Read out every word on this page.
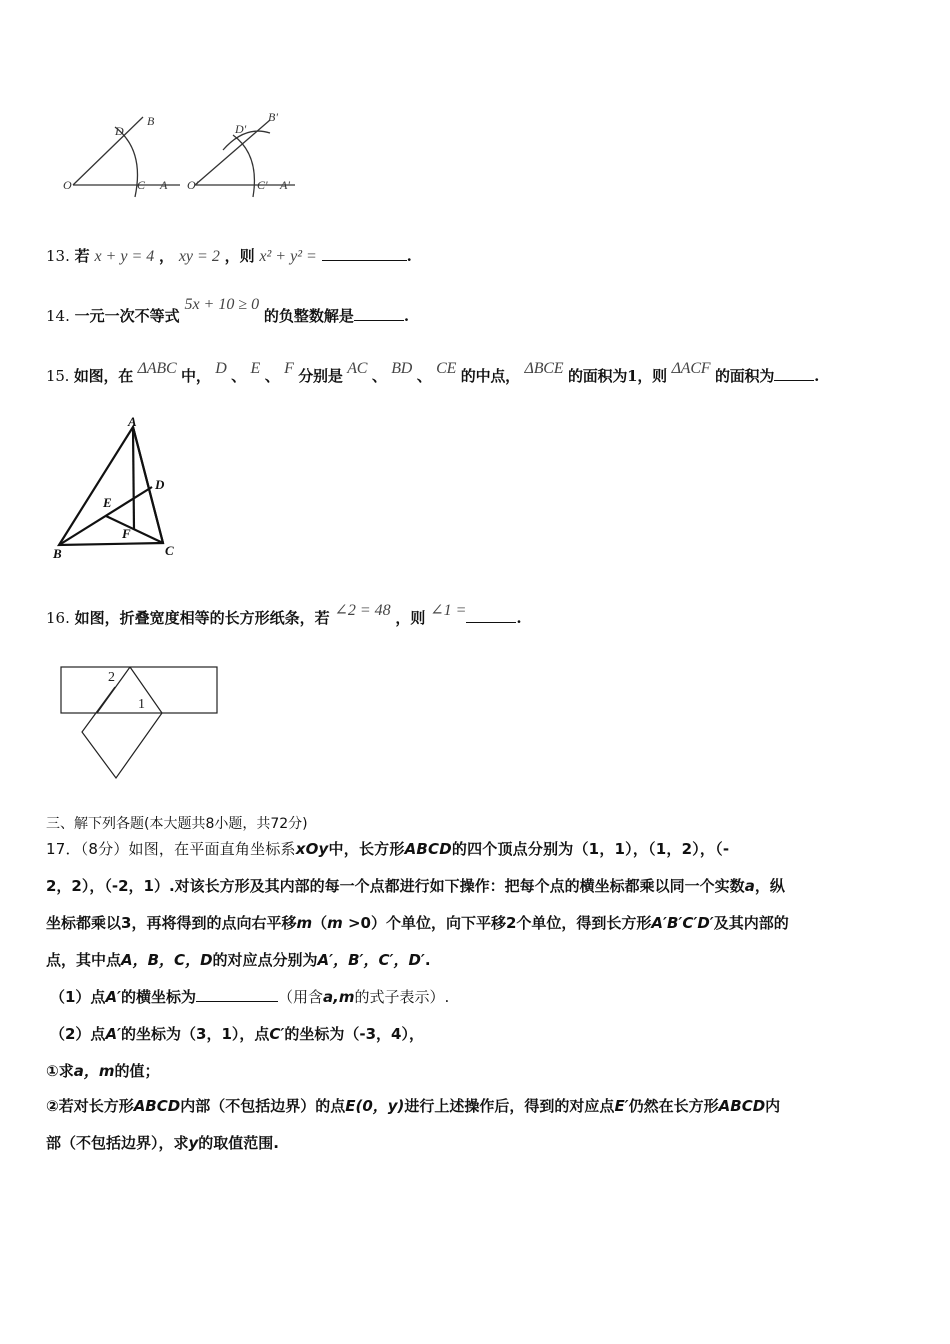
O	C A
D
B
O'	C' A'
D'
B'
13. 若 x + y = 4 ， xy = 2 ，则 x² + y² =	.
14. 一元一次不等式 5x + 10 ≥ 0 的负整数解是	.
15. 如图，在 ΔABC 中， D 、 E 、 F 分别是 AC 、 BD 、 CE 的中点， ΔBCE 的面积为1，则 ΔACF 的面积为	.
A
B	C
D
E
F
16. 如图，折叠宽度相等的长方形纸条，若 ∠2 = 48 ，则 ∠1 =	.
2
1
三、解下列各题(本大题共8小题，共72分)
17．（8分）如图，在平面直角坐标系xOy中，长方形ABCD的四个顶点分别为（1，1），（1，2），（-
2，2），（-2，1）.对该长方形及其内部的每一个点都进行如下操作：把每个点的横坐标都乘以同一个实数a，纵
坐标都乘以3，再将得到的点向右平移m（m >0）个单位，向下平移2个单位，得到长方形A′B′C′D′及其内部的
点，其中点A，B，C，D的对应点分别为A′，B′，C′，D′.
（1）点A′的横坐标为	（用含a,m的式子表示）.
（2）点A′的坐标为（3，1），点C′的坐标为（-3，4），
①求a，m的值；
②若对长方形ABCD内部（不包括边界）的点E(0，y)进行上述操作后，得到的对应点E′仍然在长方形ABCD内
部（不包括边界），求y的取值范围.
